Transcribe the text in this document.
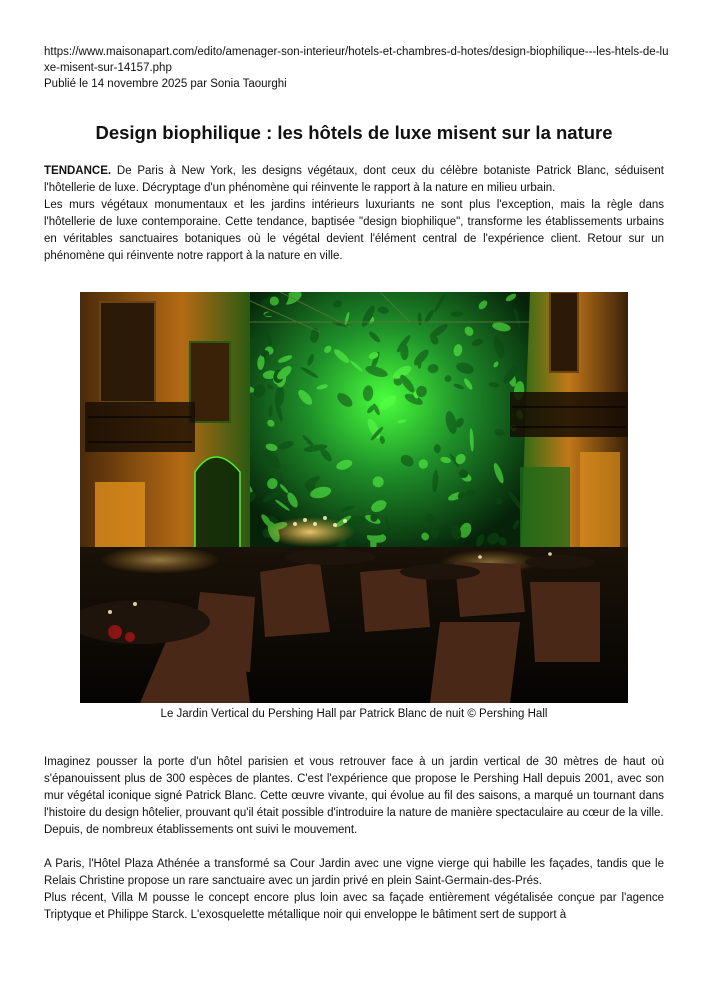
https://www.maisonapart.com/edito/amenager-son-interieur/hotels-et-chambres-d-hotes/design-biophilique---les-htels-de-luxe-misent-sur-14157.php
Publié le 14 novembre 2025 par Sonia Taourghi
Design biophilique : les hôtels de luxe misent sur la nature

TENDANCE. De Paris à New York, les designs végétaux, dont ceux du célèbre botaniste Patrick Blanc, séduisent l'hôtellerie de luxe. Décryptage d'un phénomène qui réinvente le rapport à la nature en milieu urbain.

Les murs végétaux monumentaux et les jardins intérieurs luxuriants ne sont plus l'exception, mais la règle dans l'hôtellerie de luxe contemporaine. Cette tendance, baptisée "design biophilique", transforme les établissements urbains en véritables sanctuaires botaniques où le végétal devient l'élément central de l'expérience client. Retour sur un phénomène qui réinvente notre rapport à la nature en ville.

Le Jardin Vertical du Pershing Hall par Patrick Blanc de nuit © Pershing Hall

Imaginez pousser la porte d'un hôtel parisien et vous retrouver face à un jardin vertical de 30 mètres de haut où s'épanouissent plus de 300 espèces de plantes. C'est l'expérience que propose le Pershing Hall depuis 2001, avec son mur végétal iconique signé Patrick Blanc. Cette œuvre vivante, qui évolue au fil des saisons, a marqué un tournant dans l'histoire du design hôtelier, prouvant qu'il était possible d'introduire la nature de manière spectaculaire au cœur de la ville.

Depuis, de nombreux établissements ont suivi le mouvement.

A Paris, l'Hôtel Plaza Athénée a transformé sa Cour Jardin avec une vigne vierge qui habille les façades, tandis que le Relais Christine propose un rare sanctuaire avec un jardin privé en plein Saint-Germain-des-Prés.

Plus récent, Villa M pousse le concept encore plus loin avec sa façade entièrement végétalisée conçue par l'agence Triptyque et Philippe Starck. L'exosquelette métallique noir qui enveloppe le bâtiment sert de support à
